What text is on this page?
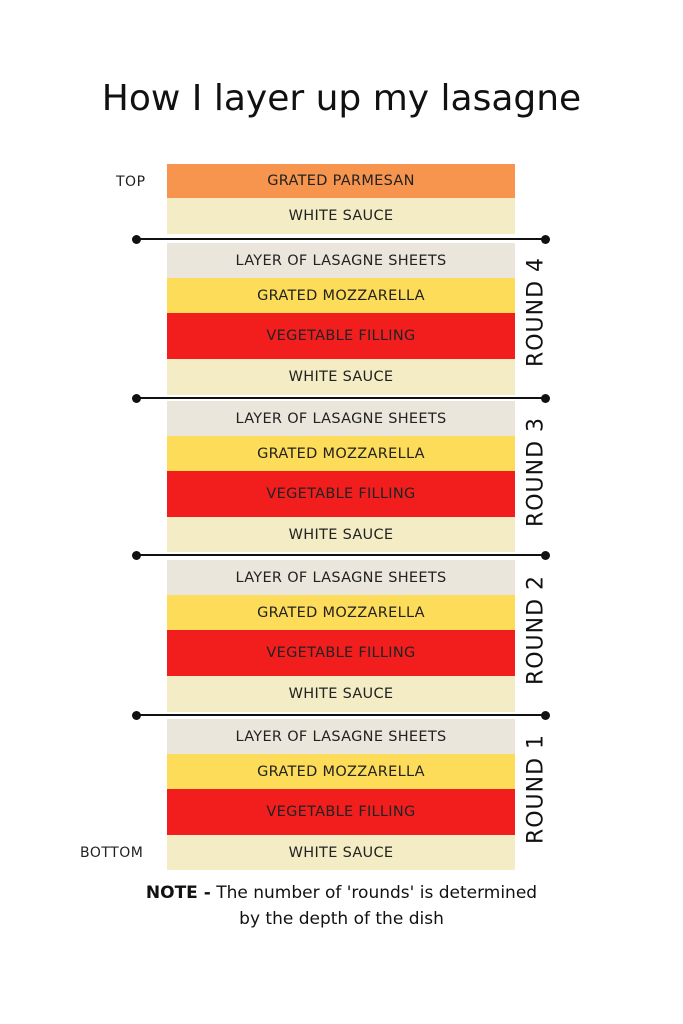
How I layer up my lasagne
TOP
BOTTOM
GRATED PARMESAN
WHITE SAUCE
LAYER OF LASAGNE SHEETS
GRATED MOZZARELLA
VEGETABLE FILLING
WHITE SAUCE
ROUND 4
LAYER OF LASAGNE SHEETS
GRATED MOZZARELLA
VEGETABLE FILLING
WHITE SAUCE
ROUND 3
LAYER OF LASAGNE SHEETS
GRATED MOZZARELLA
VEGETABLE FILLING
WHITE SAUCE
ROUND 2
LAYER OF LASAGNE SHEETS
GRATED MOZZARELLA
VEGETABLE FILLING
WHITE SAUCE
ROUND 1
NOTE - The number of 'rounds' is determined
by the depth of the dish
